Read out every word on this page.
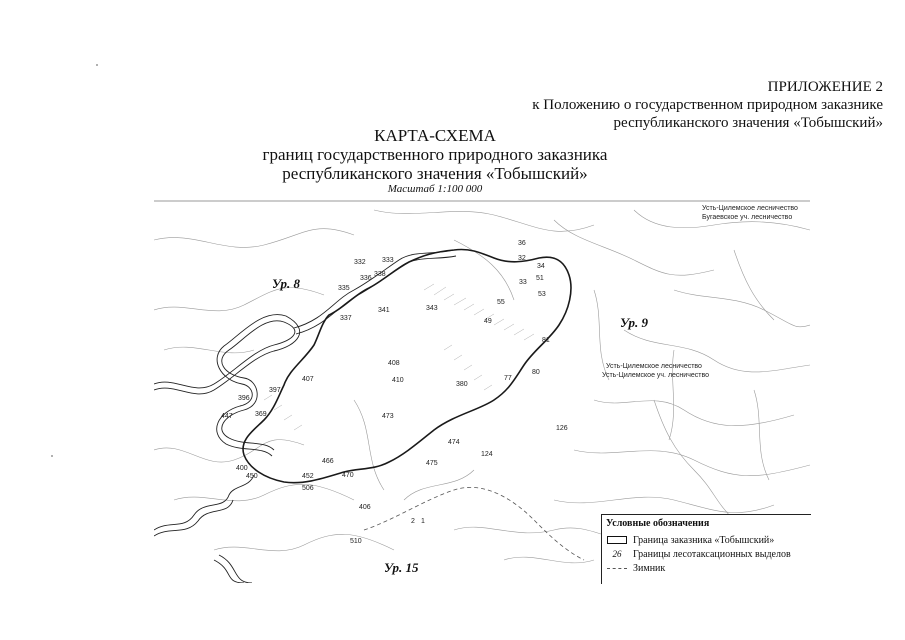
ПРИЛОЖЕНИЕ 2
к Положению о государственном природном заказнике
республиканского значения «Тобышский»
КАРТА-СХЕМА
границ государственного природного заказника
республиканского значения «Тобышский»
Масштаб 1:100 000
Ур. 8
Ур. 9
Ур. 15
Усть-Цилемское лесничество
Бугаевское уч. лесничество
Усть-Цилемское лесничество
Усть-Цилемское уч. лесничество
332 333
336
338
335
337
341	343
36
32
34
33
51
53
55
49
81
77
80
380
408
410
407
396
397
369
447	473
474
475
124
126
466
470
452
506
450
400
406
510
2 1	Условные обозначения
Граница заказника «Тобышский»
26	Границы лесотаксационных выделов
Зимник
